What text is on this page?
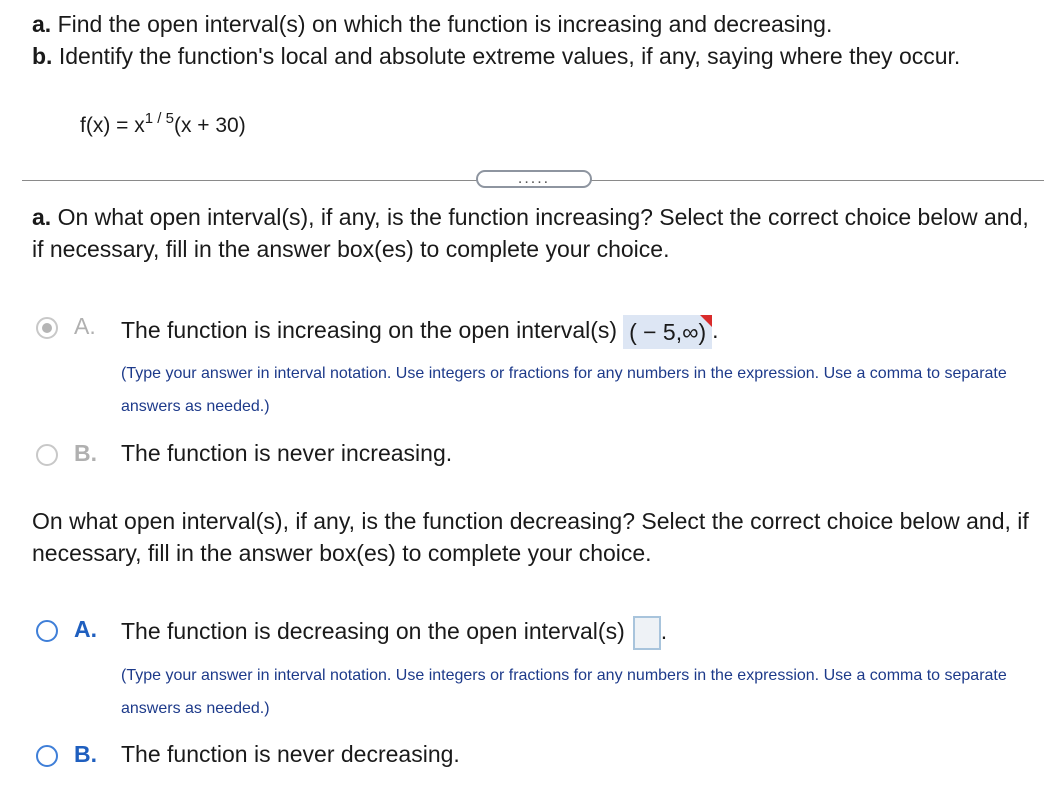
a. Find the open interval(s) on which the function is increasing and decreasing.
b. Identify the function's local and absolute extreme values, if any, saying where they occur.
$f(x) = x^{1 / 5}(x + 30)$
.....
a. On what open interval(s), if any, is the function increasing? Select the correct choice below and, if necessary, fill in the answer box(es) to complete your choice.
A. The function is increasing on the open interval(s) ( − 5,∞) .
(Type your answer in interval notation. Use integers or fractions for any numbers in the expression. Use a comma to separate answers as needed.)
B. The function is never increasing.
On what open interval(s), if any, is the function decreasing? Select the correct choice below and, if necessary, fill in the answer box(es) to complete your choice.
A. The function is decreasing on the open interval(s) .
(Type your answer in interval notation. Use integers or fractions for any numbers in the expression. Use a comma to separate answers as needed.)
B. The function is never decreasing.
